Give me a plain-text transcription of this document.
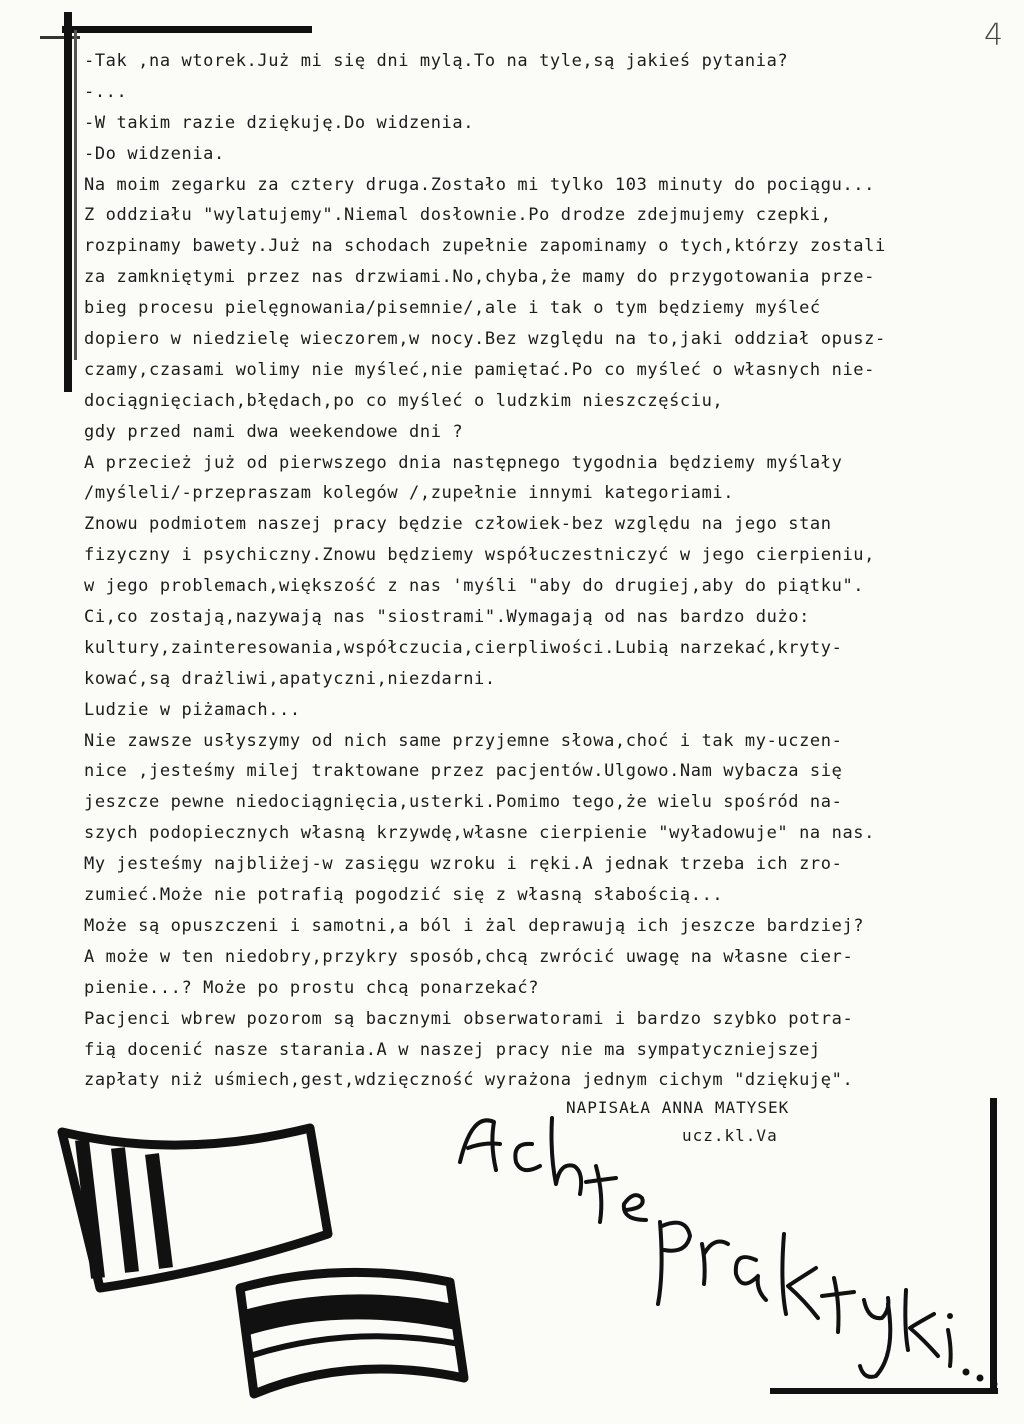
4
-Tak ,na wtorek.Już mi się dni mylą.To na tyle,są jakieś pytania?
-...
-W takim razie dziękuję.Do widzenia.
-Do widzenia.
Na moim zegarku za cztery druga.Zostało mi tylko 103 minuty do pociągu...
Z oddziału "wylatujemy".Niemal dosłownie.Po drodze zdejmujemy czepki,
rozpinamy bawety.Już na schodach zupełnie zapominamy o tych,którzy zostali
za zamkniętymi przez nas drzwiami.No,chyba,że mamy do przygotowania prze-
bieg procesu pielęgnowania/pisemnie/,ale i tak o tym będziemy myśleć
dopiero w niedzielę wieczorem,w nocy.Bez względu na to,jaki oddział opusz-
czamy,czasami wolimy nie myśleć,nie pamiętać.Po co myśleć o własnych nie-
dociągnięciach,błędach,po co myśleć o ludzkim nieszczęściu,
gdy przed nami dwa weekendowe dni ?
A przecież już od pierwszego dnia następnego tygodnia będziemy myślały
/myśleli/-przepraszam kolegów /,zupełnie innymi kategoriami.
Znowu podmiotem naszej pracy będzie człowiek-bez względu na jego stan
fizyczny i psychiczny.Znowu będziemy współuczestniczyć w jego cierpieniu,
w jego problemach,większość z nas 'myśli "aby do drugiej,aby do piątku".
Ci,co zostają,nazywają nas "siostrami".Wymagają od nas bardzo dużo:
kultury,zainteresowania,współczucia,cierpliwości.Lubią narzekać,kryty-
kować,są drażliwi,apatyczni,niezdarni.
Ludzie w piżamach...
Nie zawsze usłyszymy od nich same przyjemne słowa,choć i tak my-uczen-
nice ,jesteśmy milej traktowane przez pacjentów.Ulgowo.Nam wybacza się
jeszcze pewne niedociągnięcia,usterki.Pomimo tego,że wielu spośród na-
szych podopiecznych własną krzywdę,własne cierpienie "wyładowuje" na nas.
My jesteśmy najbliżej-w zasięgu wzroku i ręki.A jednak trzeba ich zro-
zumieć.Może nie potrafią pogodzić się z własną słabością...
Może są opuszczeni i samotni,a ból i żal deprawują ich jeszcze bardziej?
A może w ten niedobry,przykry sposób,chcą zwrócić uwagę na własne cier-
pienie...? Może po prostu chcą ponarzekać?
Pacjenci wbrew pozorom są bacznymi obserwatorami i bardzo szybko potra-
fią docenić nasze starania.A w naszej pracy nie ma sympatyczniejszej
zapłaty niż uśmiech,gest,wdzięczność wyrażona jednym cichym "dziękuję".
NAPISAŁA ANNA MATYSEK
ucz.kl.Va
